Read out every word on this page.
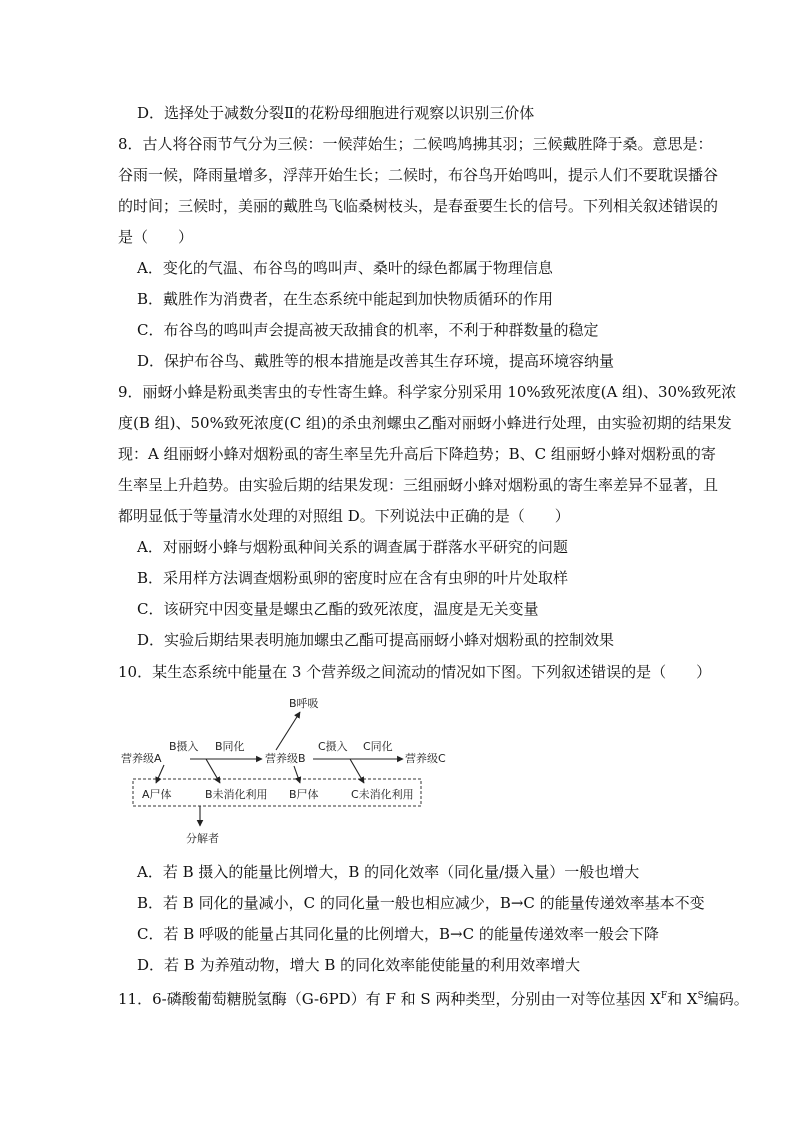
D．选择处于减数分裂Ⅱ的花粉母细胞进行观察以识别三价体
8．古人将谷雨节气分为三候：一候萍始生；二候鸣鸠拂其羽；三候戴胜降于桑。意思是：
谷雨一候，降雨量增多，浮萍开始生长；二候时，布谷鸟开始鸣叫，提示人们不要耽误播谷
的时间；三候时，美丽的戴胜鸟飞临桑树枝头，是春蚕要生长的信号。下列相关叙述错误的
是（　　）
A．变化的气温、布谷鸟的鸣叫声、桑叶的绿色都属于物理信息
B．戴胜作为消费者，在生态系统中能起到加快物质循环的作用
C．布谷鸟的鸣叫声会提高被天敌捕食的机率，不利于种群数量的稳定
D．保护布谷鸟、戴胜等的根本措施是改善其生存环境，提高环境容纳量
9．丽蚜小蜂是粉虱类害虫的专性寄生蜂。科学家分别采用 10%致死浓度(A 组)、30%致死浓
度(B 组)、50%致死浓度(C 组)的杀虫剂螺虫乙酯对丽蚜小蜂进行处理，由实验初期的结果发
现：A 组丽蚜小蜂对烟粉虱的寄生率呈先升高后下降趋势；B、C 组丽蚜小蜂对烟粉虱的寄
生率呈上升趋势。由实验后期的结果发现：三组丽蚜小蜂对烟粉虱的寄生率差异不显著，且
都明显低于等量清水处理的对照组 D。下列说法中正确的是（　　）
A．对丽蚜小蜂与烟粉虱种间关系的调查属于群落水平研究的问题
B．采用样方法调查烟粉虱卵的密度时应在含有虫卵的叶片处取样
C．该研究中因变量是螺虫乙酯的致死浓度，温度是无关变量
D．实验后期结果表明施加螺虫乙酯可提高丽蚜小蜂对烟粉虱的控制效果
10．某生态系统中能量在 3 个营养级之间流动的情况如下图。下列叙述错误的是（　　）
B呼吸
营养级A
B摄入 B同化
营养级B
C摄入 C同化
营养级C
A尸体	B未消化利用 B尸体	C未消化利用
分解者
A．若 B 摄入的能量比例增大，B 的同化效率（同化量/摄入量）一般也增大
B．若 B 同化的量减小，C 的同化量一般也相应减少，B→C 的能量传递效率基本不变
C．若 B 呼吸的能量占其同化量的比例增大，B→C 的能量传递效率一般会下降
D．若 B 为养殖动物，增大 B 的同化效率能使能量的利用效率增大
11．6-磷酸葡萄糖脱氢酶（G-6PD）有 F 和 S 两种类型，分别由一对等位基因 $X^F$和 $X^S$编码。
